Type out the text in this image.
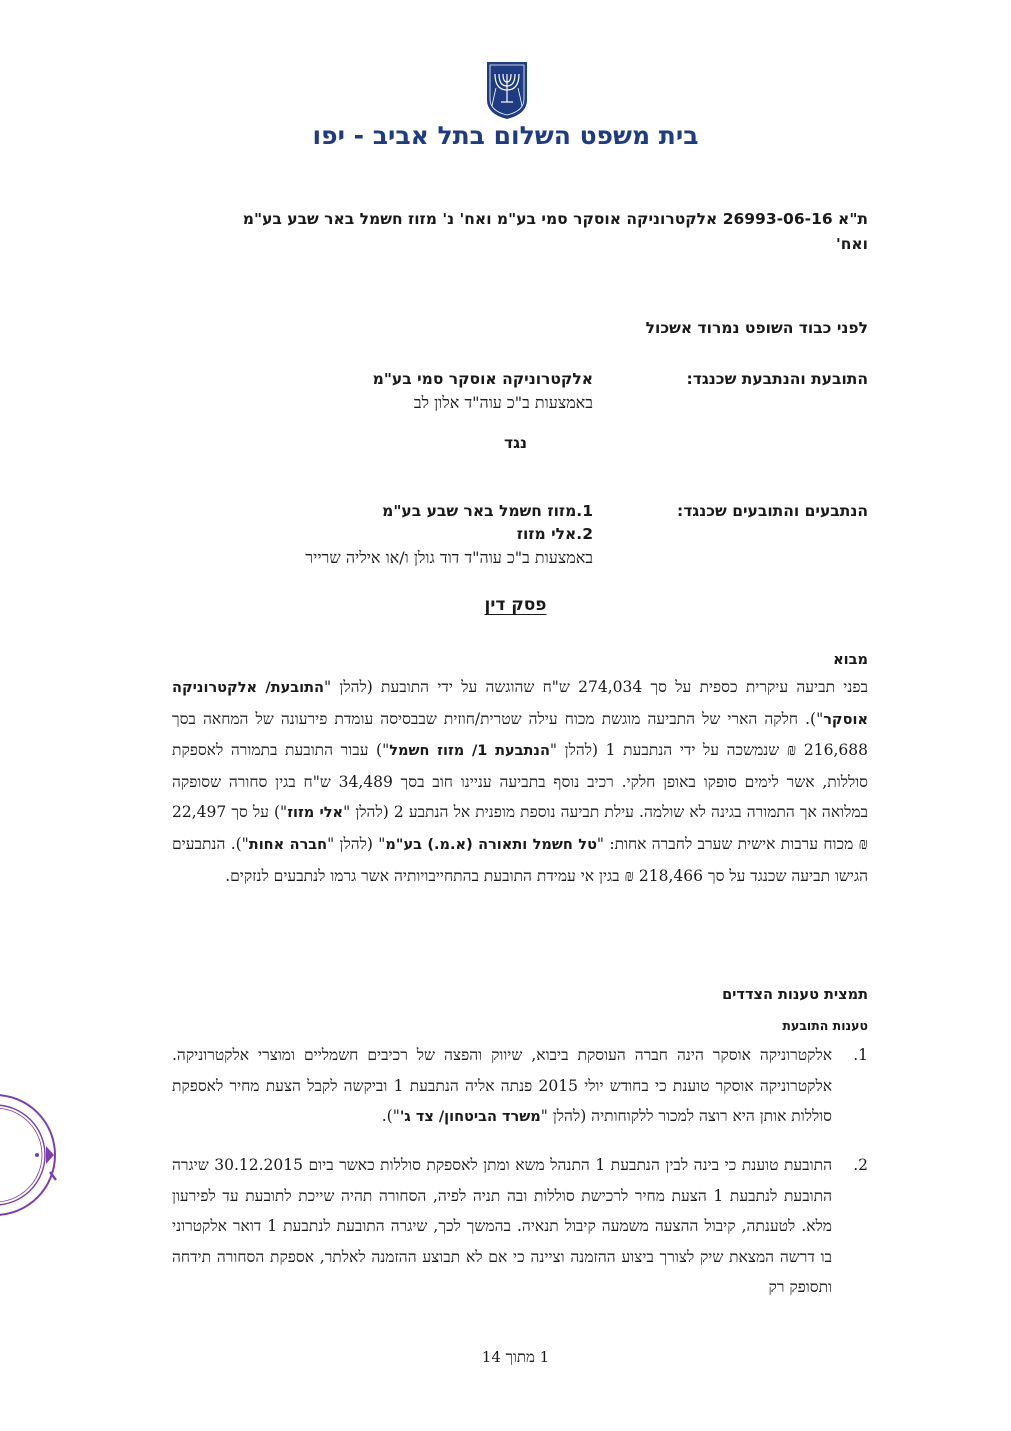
בית משפט השלום בתל אביב - יפו
ת"א 26993-06-16 אלקטרוניקה אוסקר סמי בע"מ ואח' נ' מזוז חשמל באר שבע בע"מ
ואח'
לפני כבוד השופט נמרוד אשכול
התובעת והנתבעת שכנגד:
אלקטרוניקה אוסקר סמי בע"מ
באמצעות ב"כ עוה"ד אלון לב
נגד
הנתבעים והתובעים שכנגד:
1.מזוז חשמל באר שבע בע"מ
2.אלי מזוז
באמצעות ב"כ עוה"ד דוד גולן ו/או איליה שרייר
פסק דין
מבוא

בפני תביעה עיקרית כספית על סך 274,034 ש"ח שהוגשה על ידי התובעת (להלן "התובעת/ אלקטרוניקה אוסקר"). חלקה הארי של התביעה מוגשת מכוח עילה שטרית/חוזית שבבסיסה עומדת פירעונה של המחאה בסך 216,688 ₪ שנמשכה על ידי הנתבעת 1 (להלן "הנתבעת 1/ מזוז חשמל") עבור התובעת בתמורה לאספקת סוללות, אשר לימים סופקו באופן חלקי. רכיב נוסף בתביעה עניינו חוב בסך 34,489 ש"ח בגין סחורה שסופקה במלואה אך התמורה בגינה לא שולמה. עילת תביעה נוספת מופנית אל הנתבע 2 (להלן "אלי מזוז") על סך 22,497 ₪ מכוח ערבות אישית שערב לחברה אחות: "טל חשמל ותאורה (א.מ.) בע"מ" (להלן "חברה אחות"). הנתבעים הגישו תביעה שכנגד על סך 218,466 ₪ בגין אי עמידת התובעת בהתחייבויותיה אשר גרמו לנתבעים לנזקים.

תמצית טענות הצדדים
טענות התובעת
1.

אלקטרוניקה אוסקר הינה חברה העוסקת ביבוא, שיווק והפצה של רכיבים חשמליים ומוצרי אלקטרוניקה. אלקטרוניקה אוסקר טוענת כי בחודש יולי 2015 פנתה אליה הנתבעת 1 וביקשה לקבל הצעת מחיר לאספקת סוללות אותן היא רוצה למכור ללקוחותיה (להלן "משרד הביטחון/ צד ג'").

2.

התובעת טוענת כי בינה לבין הנתבעת 1 התנהל משא ומתן לאספקת סוללות כאשר ביום 30.12.2015 שיגרה התובעת לנתבעת 1 הצעת מחיר לרכישת סוללות ובה תניה לפיה, הסחורה תהיה שייכת לתובעת עד לפירעון מלא. לטענתה, קיבול ההצעה משמעה קיבול תנאיה. בהמשך לכך, שיגרה התובעת לנתבעת 1 דואר אלקטרוני בו דרשה המצאת שיק לצורך ביצוע ההזמנה וציינה כי אם לא תבוצע ההזמנה לאלתר, אספקת הסחורה תידחה ותסופק רק

1 מתוך 14
